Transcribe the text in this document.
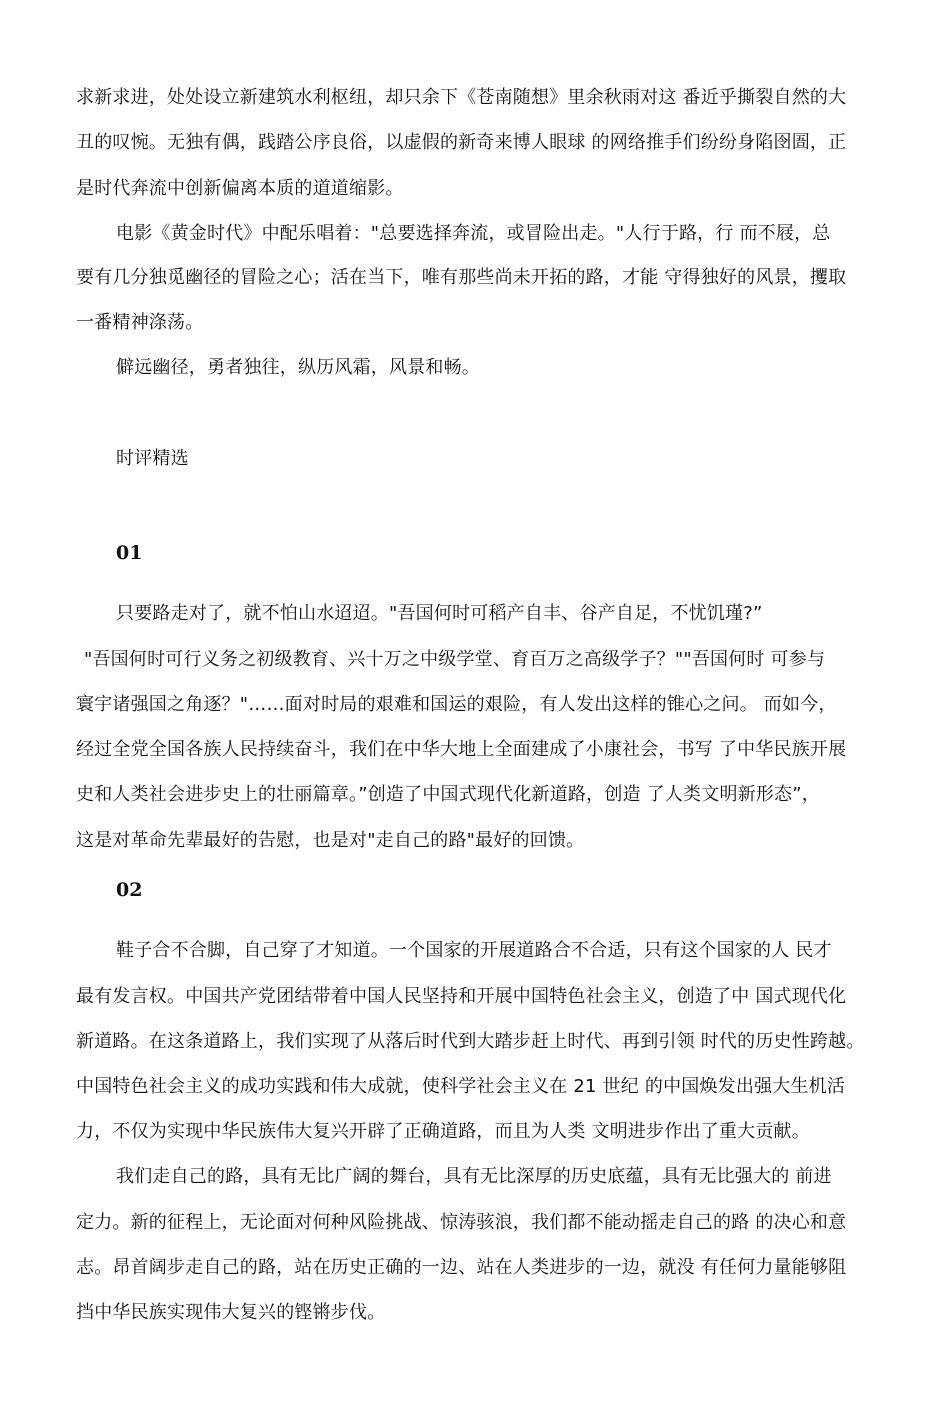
求新求进，处处设立新建筑水利枢纽，却只余下《苍南随想》里余秋雨对这 番近乎撕裂自然的大
丑的叹惋。无独有偶，践踏公序良俗，以虚假的新奇来博人眼球 的网络推手们纷纷身陷囹圄，正
是时代奔流中创新偏离本质的道道缩影。
电影《黄金时代》中配乐唱着："总要选择奔流，或冒险出走。"人行于路，行 而不屐，总
要有几分独觅幽径的冒险之心；活在当下，唯有那些尚未开拓的路，才能 守得独好的风景，攫取
一番精神涤荡。
僻远幽径，勇者独往，纵历风霜，风景和畅。
时评精选
01
只要路走对了，就不怕山水迢迢。"吾国何时可稻产自丰、谷产自足，不忧饥瑾?”
"吾国何时可行义务之初级教育、兴十万之中级学堂、育百万之高级学子？""吾国何时 可参与
寰宇诸强国之角逐？"……面对时局的艰难和国运的艰险，有人发出这样的锥心之问。 而如今，
经过全党全国各族人民持续奋斗，我们在中华大地上全面建成了小康社会，书写 了中华民族开展
史和人类社会进步史上的壮丽篇章。”创造了中国式现代化新道路，创造 了人类文明新形态”，
这是对革命先辈最好的告慰，也是对"走自己的路"最好的回馈。
02
鞋子合不合脚，自己穿了才知道。一个国家的开展道路合不合适，只有这个国家的人 民才
最有发言权。中国共产党团结带着中国人民坚持和开展中国特色社会主义，创造了中 国式现代化
新道路。在这条道路上，我们实现了从落后时代到大踏步赶上时代、再到引领 时代的历史性跨越。
中国特色社会主义的成功实践和伟大成就，使科学社会主义在 21 世纪 的中国焕发出强大生机活
力，不仅为实现中华民族伟大复兴开辟了正确道路，而且为人类 文明进步作出了重大贡献。
我们走自己的路，具有无比广阔的舞台，具有无比深厚的历史底蕴，具有无比强大的 前进
定力。新的征程上，无论面对何种风险挑战、惊涛骇浪，我们都不能动摇走自己的路 的决心和意
志。昂首阔步走自己的路，站在历史正确的一边、站在人类进步的一边，就没 有任何力量能够阻
挡中华民族实现伟大复兴的铿锵步伐。
